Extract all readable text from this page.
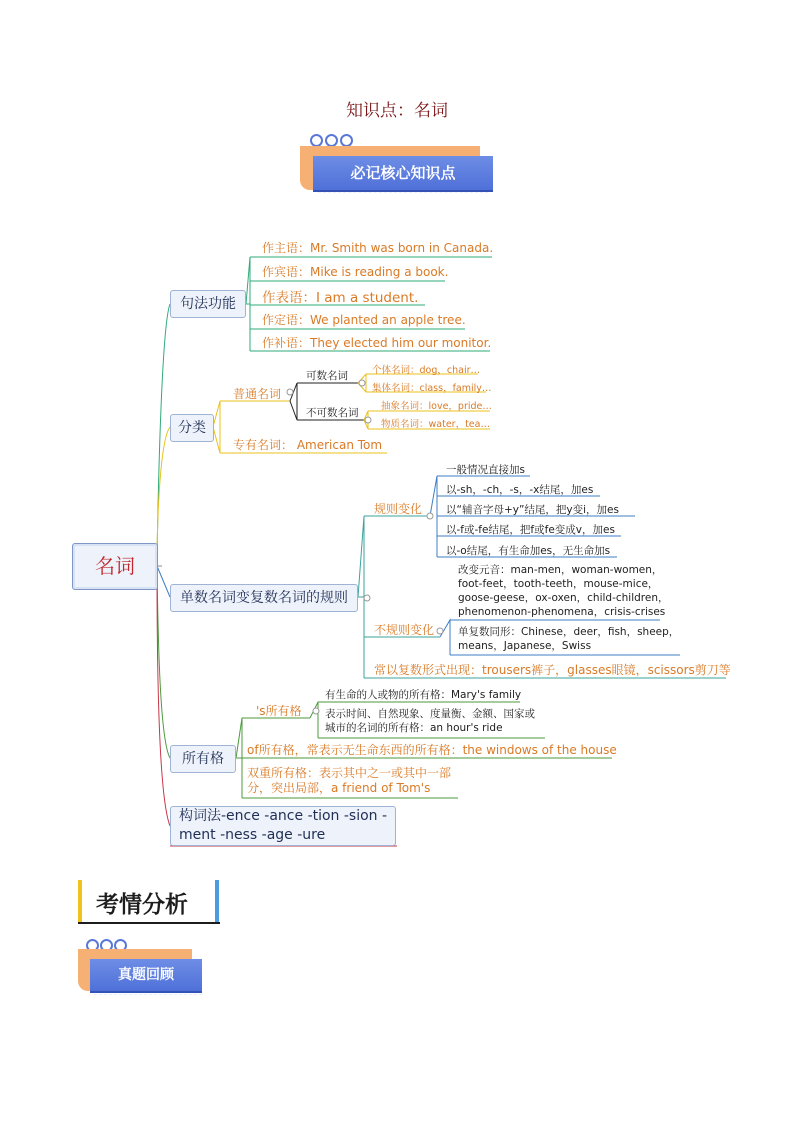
知识点：名词
必记核心知识点
名词
句法功能
作主语：Mr. Smith was born in Canada.
作宾语：Mike is reading a book.
作表语：I am a student.
作定语：We planted an apple tree.
作补语：They elected him our monitor.
分类
普通名词
可数名词
不可数名词
个体名词：dog，chair…
集体名词：class，family…
抽象名词：love，pride…
物质名词：water，tea…
专有名词： American Tom
单数名词变复数名词的规则
规则变化
一般情况直接加s
以-sh，-ch，-s，-x结尾，加es
以“辅音字母+y”结尾，把y变i，加es
以-f或-fe结尾，把f或fe变成v，加es
以-o结尾，有生命加es，无生命加s
不规则变化
改变元音：man-men，woman-women，
foot-feet，tooth-teeth，mouse-mice，
goose-geese，ox-oxen，child-children，
phenomenon-phenomena，crisis-crises
单复数同形：Chinese，deer，fish，sheep，
means，Japanese，Swiss
常以复数形式出现：trousers裤子，glasses眼镜，scissors剪刀等
所有格
's所有格
有生命的人或物的所有格：Mary's family
表示时间、自然现象、度量衡、金额、国家或
城市的名词的所有格：an hour's ride
of所有格，常表示无生命东西的所有格：the windows of the house
双重所有格：表示其中之一或其中一部
分，突出局部，a friend of Tom's
构词法-ence -ance -tion -sion -
ment -ness -age -ure
考情分析
真题回顾
